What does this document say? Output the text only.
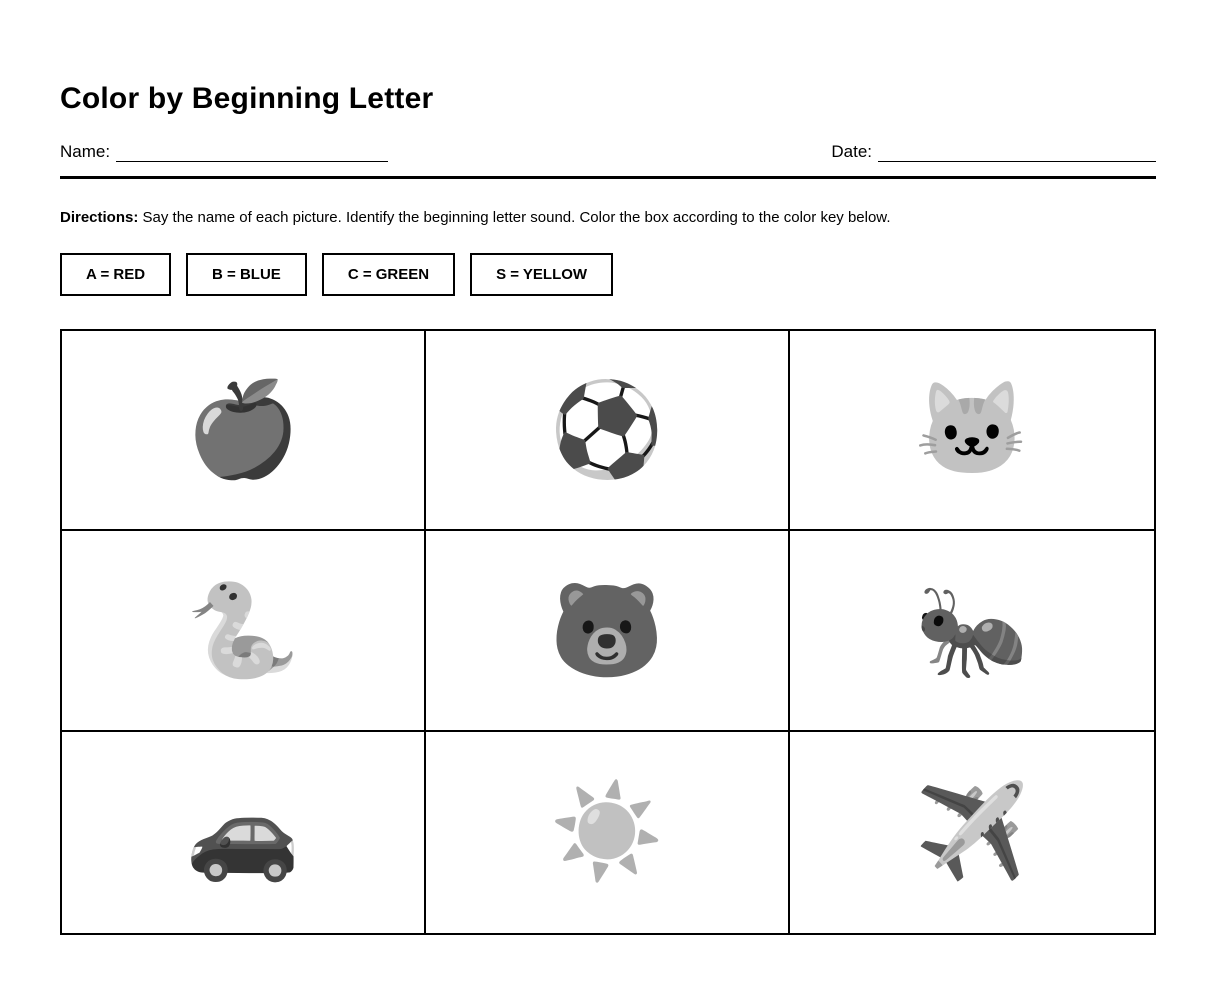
Color by Beginning Letter
Name:	Date:

Directions: Say the name of each picture. Identify the beginning letter sound. Color the box according to the color key below.

A = RED	B = BLUE	C = GREEN	S = YELLOW
🍎	⚽	🐱
🐍	🐻	🐜
🚗	☀️	✈️
